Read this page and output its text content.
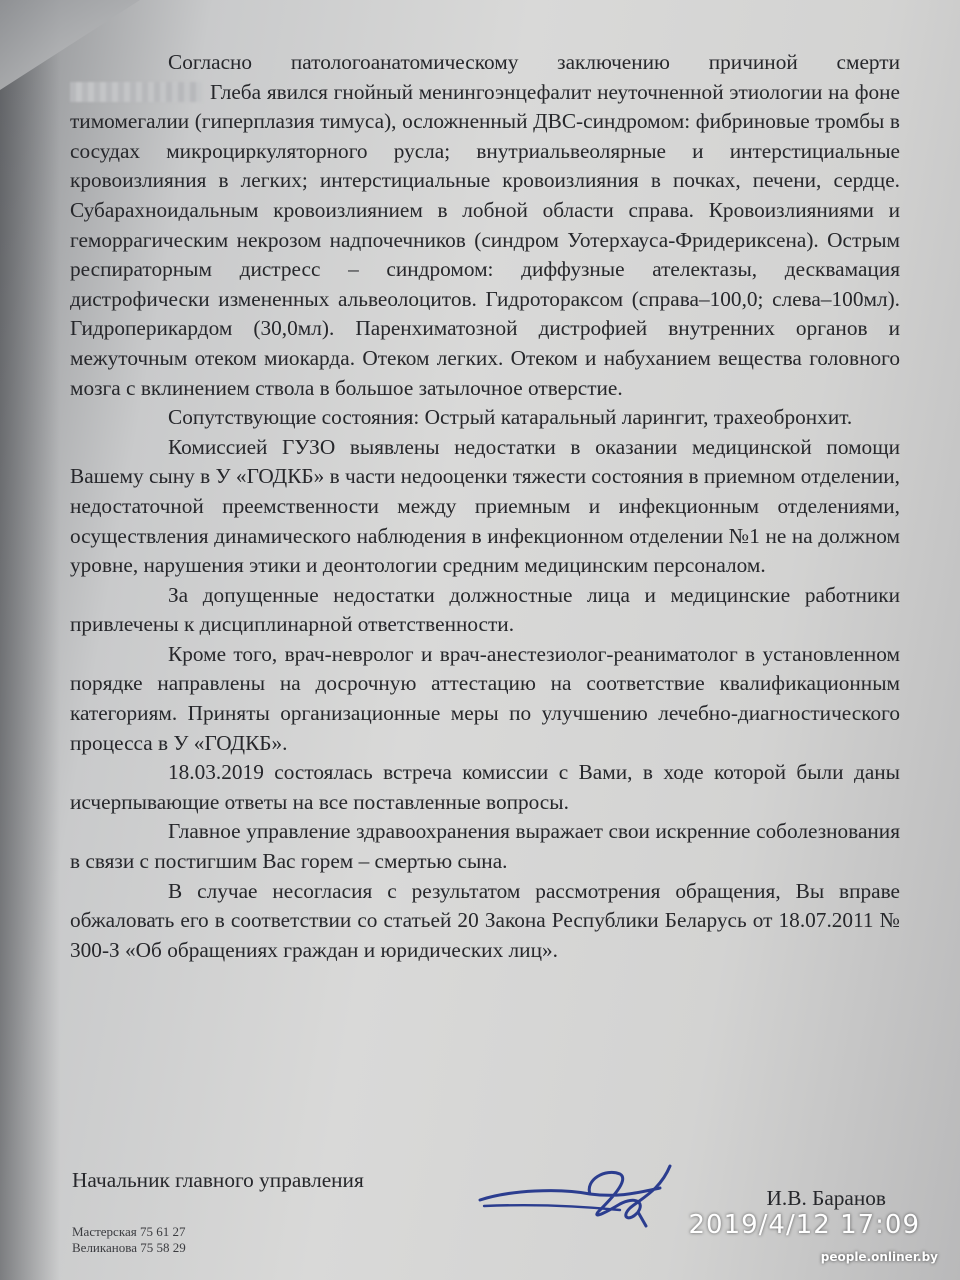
Согласно патологоанатомическому заключению причиной смерти Глеба явился гнойный менингоэнцефалит неуточненной этиологии на фоне тимомегалии (гиперплазия тимуса), осложненный ДВС-синдромом: фибриновые тромбы в сосудах микроциркуляторного русла; внутриальвеолярные и интерстициальные кровоизлияния в легких; интерстициальные кровоизлияния в почках, печени, сердце. Субарахноидальным кровоизлиянием в лобной области справа. Кровоизлияниями и геморрагическим некрозом надпочечников (синдром Уотерхауса-Фридериксена). Острым респираторным дистресс – синдромом: диффузные ателектазы, десквамация дистрофически измененных альвеолоцитов. Гидротораксом (справа–100,0; слева–100мл). Гидроперикардом (30,0мл). Паренхиматозной дистрофией внутренних органов и межуточным отеком миокарда. Отеком легких. Отеком и набуханием вещества головного мозга с вклинением ствола в большое затылочное отверстие.

Сопутствующие состояния: Острый катаральный ларингит, трахеобронхит.

Комиссией ГУЗО выявлены недостатки в оказании медицинской помощи Вашему сыну в У «ГОДКБ» в части недооценки тяжести состояния в приемном отделении, недостаточной преемственности между приемным и инфекционным отделениями, осуществления динамического наблюдения в инфекционном отделении №1 не на должном уровне, нарушения этики и деонтологии средним медицинским персоналом.

За допущенные недостатки должностные лица и медицинские работники привлечены к дисциплинарной ответственности.

Кроме того, врач-невролог и врач-анестезиолог-реаниматолог в установленном порядке направлены на досрочную аттестацию на соответствие квалификационным категориям. Приняты организационные меры по улучшению лечебно-диагностического процесса в У «ГОДКБ».

18.03.2019 состоялась встреча комиссии с Вами, в ходе которой были даны исчерпывающие ответы на все поставленные вопросы.

Главное управление здравоохранения выражает свои искренние соболезнования в связи с постигшим Вас горем – смертью сына.

В случае несогласия с результатом рассмотрения обращения, Вы вправе обжаловать его в соответствии со статьей 20 Закона Республики Беларусь от 18.07.2011 № 300-З «Об обращениях граждан и юридических лиц».

Начальник главного управления
И.В. Баранов
Мастерская 75 61 27
Великанова 75 58 29
2019/4/12 17:09
people.onliner.by
